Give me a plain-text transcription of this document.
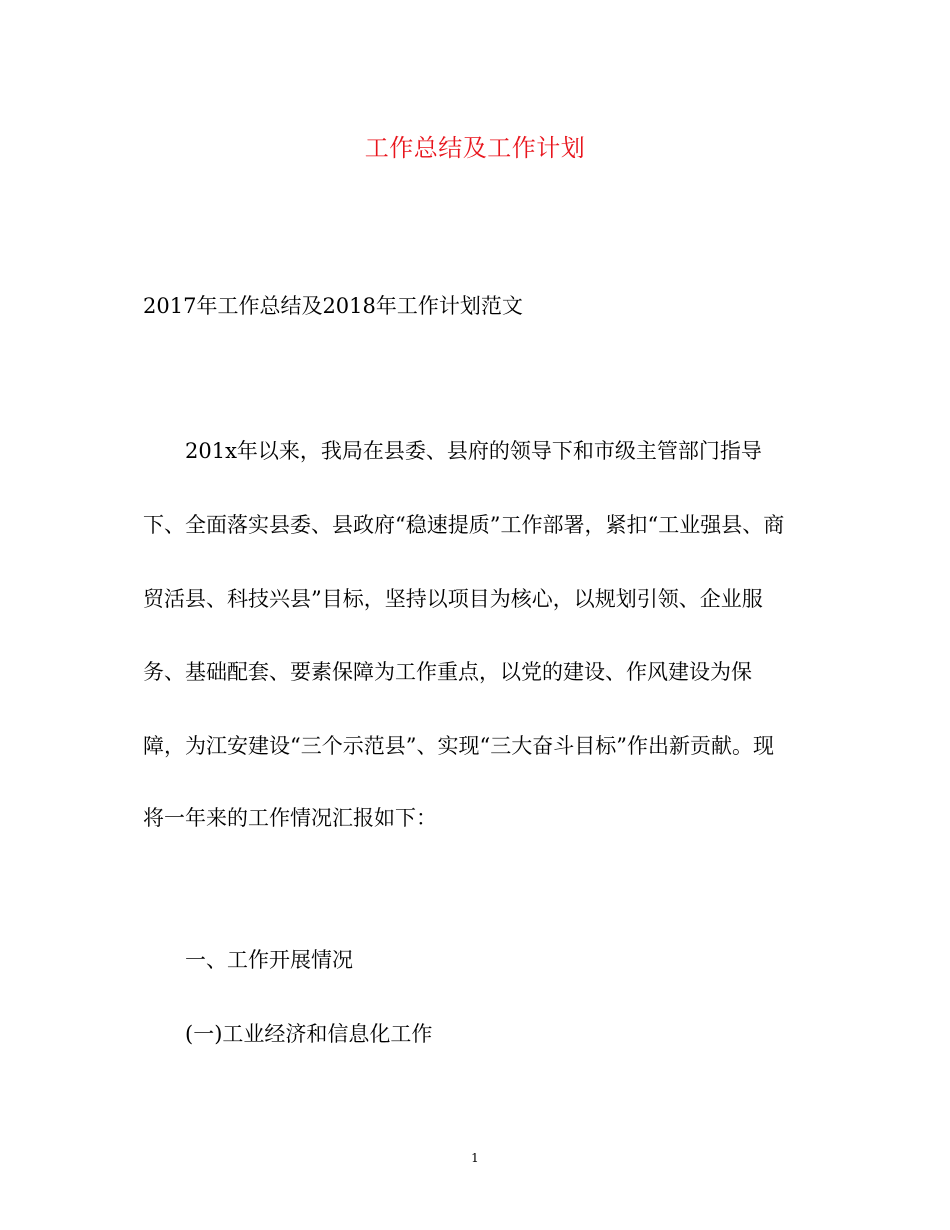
工作总结及工作计划
2017年工作总结及2018年工作计划范文
201x年以来，我局在县委、县府的领导下和市级主管部门指导
下、全面落实县委、县政府“稳速提质”工作部署，紧扣“工业强县、商
贸活县、科技兴县”目标，坚持以项目为核心，以规划引领、企业服
务、基础配套、要素保障为工作重点，以党的建设、作风建设为保
障，为江安建设“三个示范县”、实现“三大奋斗目标”作出新贡献。现
将一年来的工作情况汇报如下：
一、工作开展情况
(一)工业经济和信息化工作
1
